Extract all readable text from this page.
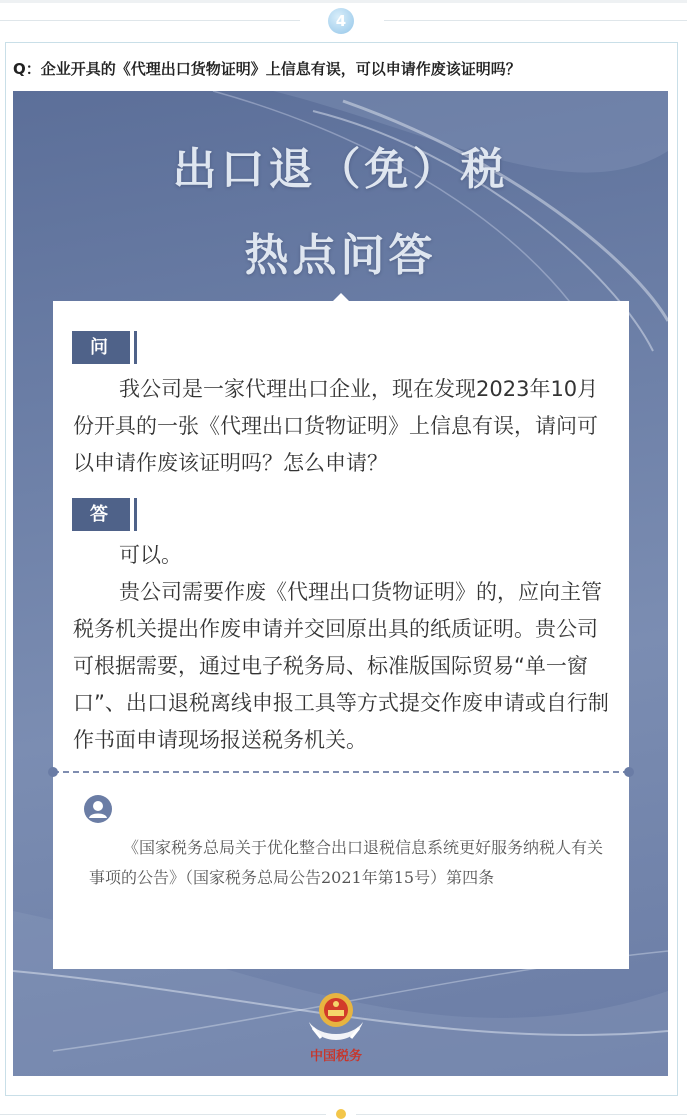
4
Q：企业开具的《代理出口货物证明》上信息有误，可以申请作废该证明吗？
出口退（免）税
热点问答
问
我公司是一家代理出口企业，现在发现2023年10月份开具的一张《代理出口货物证明》上信息有误，请问可以申请作废该证明吗？怎么申请？
答
可以。
贵公司需要作废《代理出口货物证明》的，应向主管税务机关提出作废申请并交回原出具的纸质证明。贵公司可根据需要，通过电子税务局、标准版国际贸易“单一窗口”、出口退税离线申报工具等方式提交作废申请或自行制作书面申请现场报送税务机关。
《国家税务总局关于优化整合出口退税信息系统更好服务纳税人有关事项的公告》（国家税务总局公告2021年第15号）第四条
中国税务
